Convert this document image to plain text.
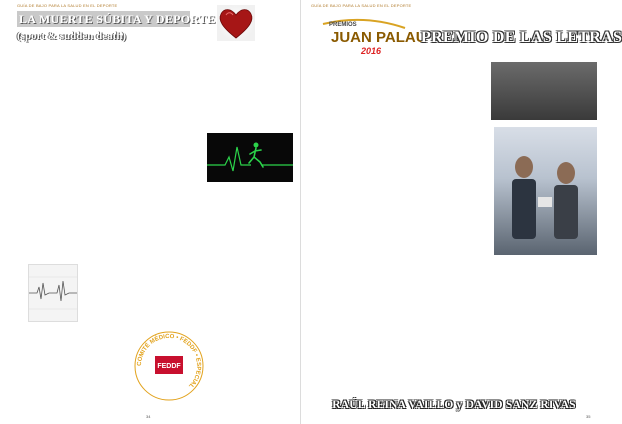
GUÍA DE BAJO PARA LA SALUD EN EL DEPORTE
LA MUERTE SÚBITA Y DEPORTE
(sport & sudden death)

COMITÉ MÉDICO • FEDDF • ESPECIAL
FEDDF
34
GUÍA DE BAJO PARA LA SALUD EN EL DEPORTE
PREMIOS
JUAN PALAU
2016
PREMIO DE LAS LETRAS

RAÚL REINA VAILLO y DAVID SANZ RIVAS
35
